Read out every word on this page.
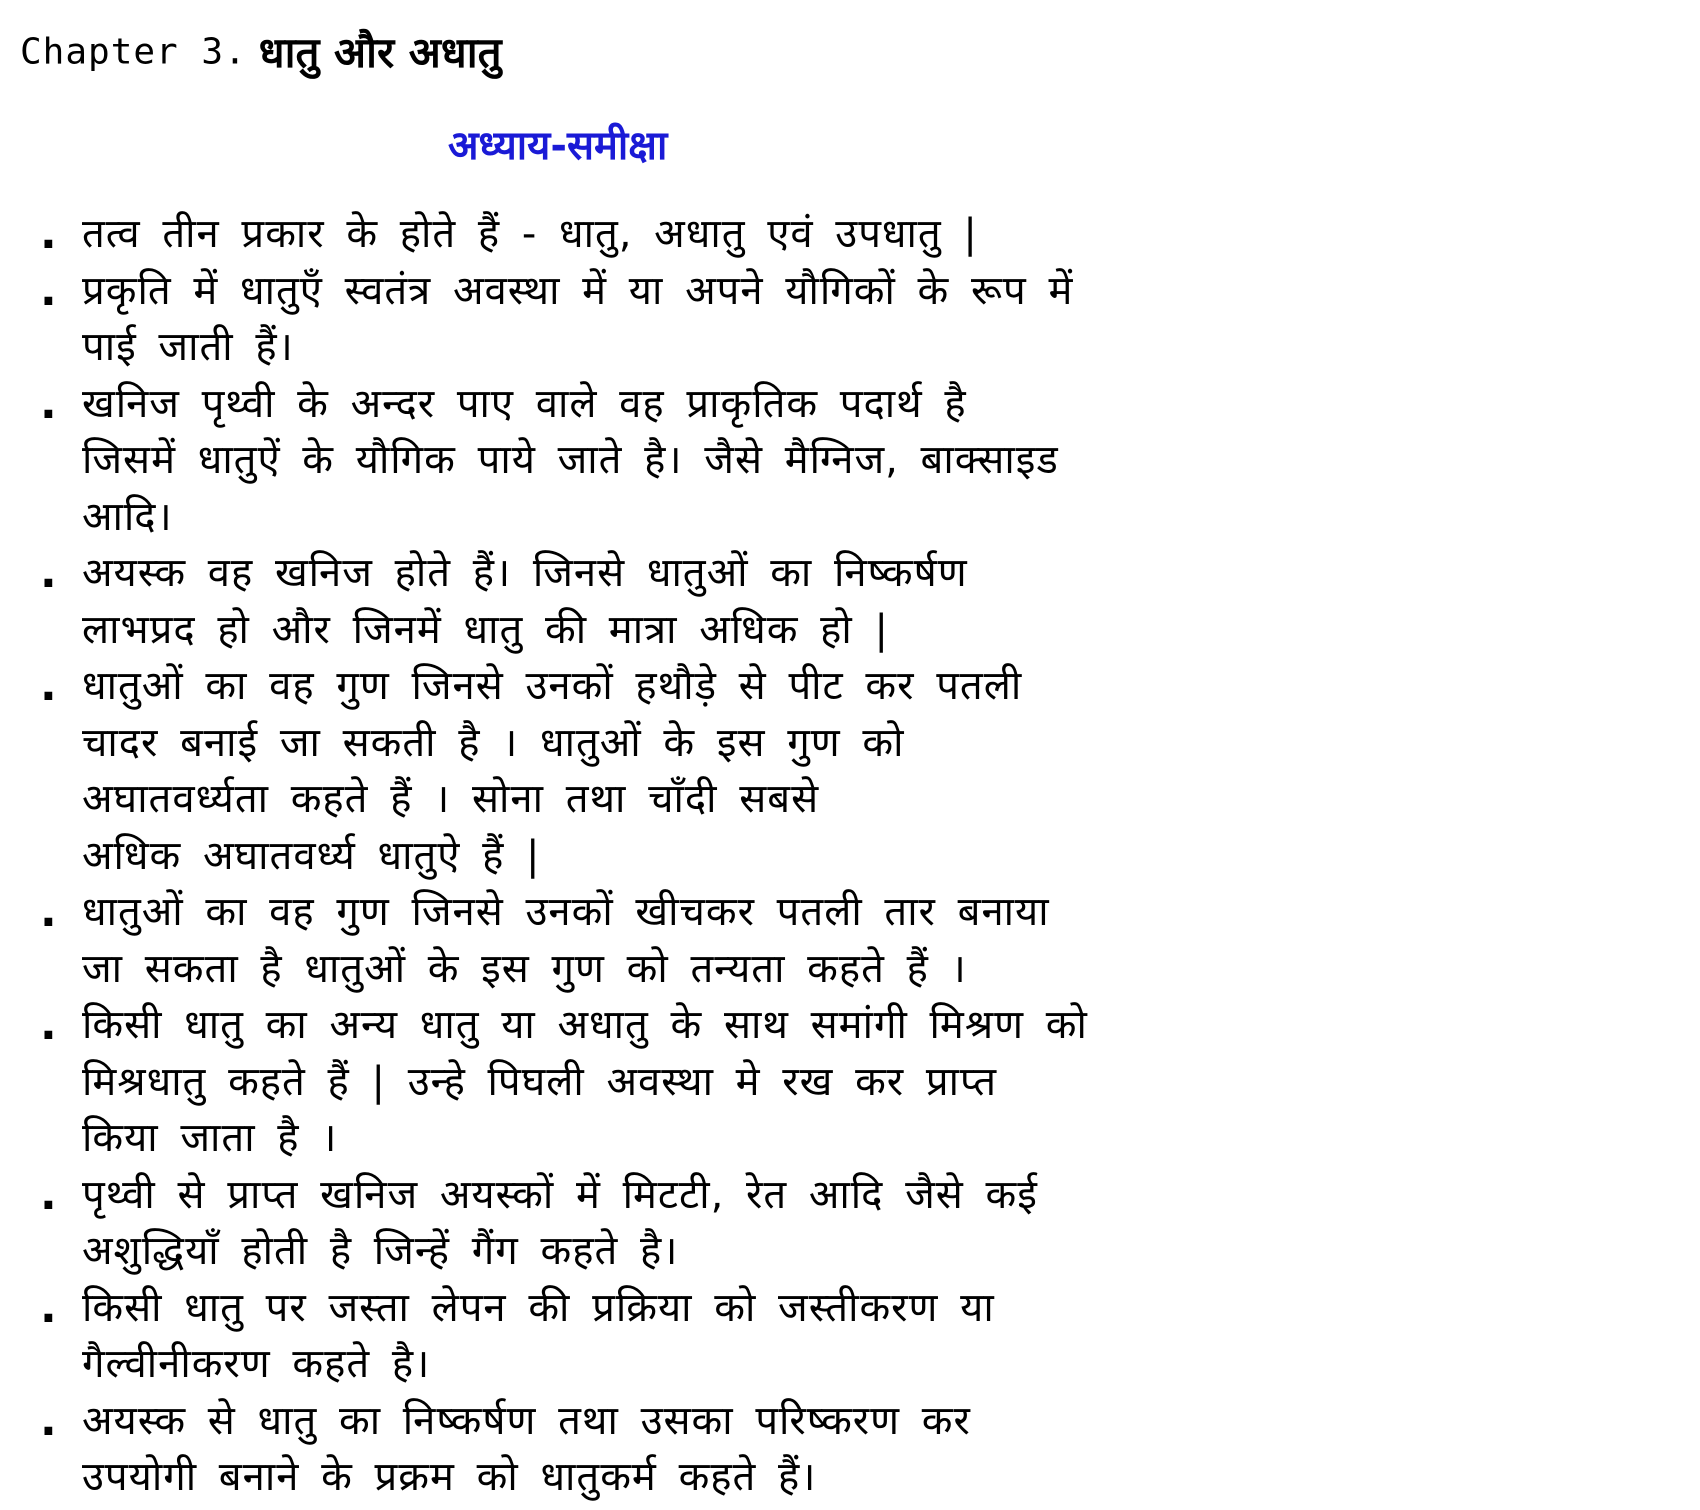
Chapter 3. धातु और अधातु
अध्याय-समीक्षा
. तत्व तीन प्रकार के होते हैं - धातु, अधातु एवं उपधातु |
. प्रकृति में धातुएँ स्वतंत्र अवस्था में या अपने यौगिकों के रूप में
पाई जाती हैं।
. खनिज पृथ्वी के अन्दर पाए वाले वह प्राकृतिक पदार्थ है
जिसमें धातुऐं के यौगिक पाये जाते है। जैसे मैग्निज, बाक्साइड
आदि।
. अयस्क वह खनिज होते हैं। जिनसे धातुओं का निष्कर्षण
लाभप्रद हो और जिनमें धातु की मात्रा अधिक हो |
. धातुओं का वह गुण जिनसे उनकों हथौड़े से पीट कर पतली
चादर बनाई जा सकती है । धातुओं के इस गुण को
अघातवर्ध्यता कहते हैं । सोना तथा चाँदी सबसे
अधिक अघातवर्ध्य धातुऐ हैं |
. धातुओं का वह गुण जिनसे उनकों खीचकर पतली तार बनाया
जा सकता है धातुओं के इस गुण को तन्यता कहते हैं ।
. किसी धातु का अन्य धातु या अधातु के साथ समांगी मिश्रण को
मिश्रधातु कहते हैं | उन्हे पिघली अवस्था मे रख कर प्राप्त
किया जाता है ।
. पृथ्वी से प्राप्त खनिज अयस्कों में मिटटी, रेत आदि जैसे कई
अशुद्धियाँ होती है जिन्हें गैंग कहते है।
. किसी धातु पर जस्ता लेपन की प्रक्रिया को जस्तीकरण या
गैल्वीनीकरण कहते है।
. अयस्क से धातु का निष्कर्षण तथा उसका परिष्करण कर
उपयोगी बनाने के प्रक्रम को धातुकर्म कहते हैं।
